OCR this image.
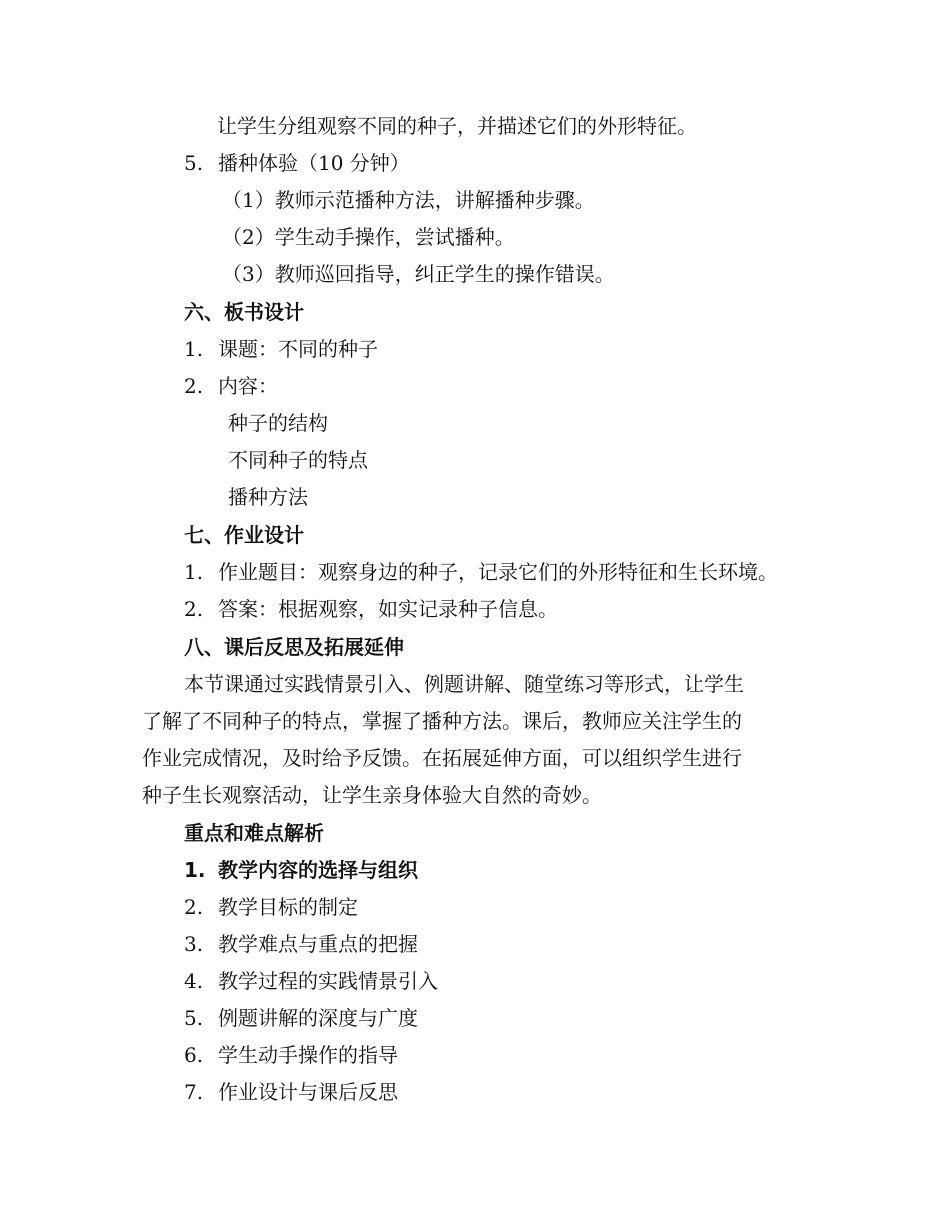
让学生分组观察不同的种子，并描述它们的外形特征。
5. 播种体验（10 分钟）
（1）教师示范播种方法，讲解播种步骤。
（2）学生动手操作，尝试播种。
（3）教师巡回指导，纠正学生的操作错误。
六、板书设计
1. 课题：不同的种子
2. 内容：
种子的结构
不同种子的特点
播种方法
七、作业设计
1. 作业题目：观察身边的种子，记录它们的外形特征和生长环境。
2. 答案：根据观察，如实记录种子信息。
八、课后反思及拓展延伸
本节课通过实践情景引入、例题讲解、随堂练习等形式，让学生
了解了不同种子的特点，掌握了播种方法。课后，教师应关注学生的
作业完成情况，及时给予反馈。在拓展延伸方面，可以组织学生进行
种子生长观察活动，让学生亲身体验大自然的奇妙。
重点和难点解析
1. 教学内容的选择与组织
2. 教学目标的制定
3. 教学难点与重点的把握
4. 教学过程的实践情景引入
5. 例题讲解的深度与广度
6. 学生动手操作的指导
7. 作业设计与课后反思
